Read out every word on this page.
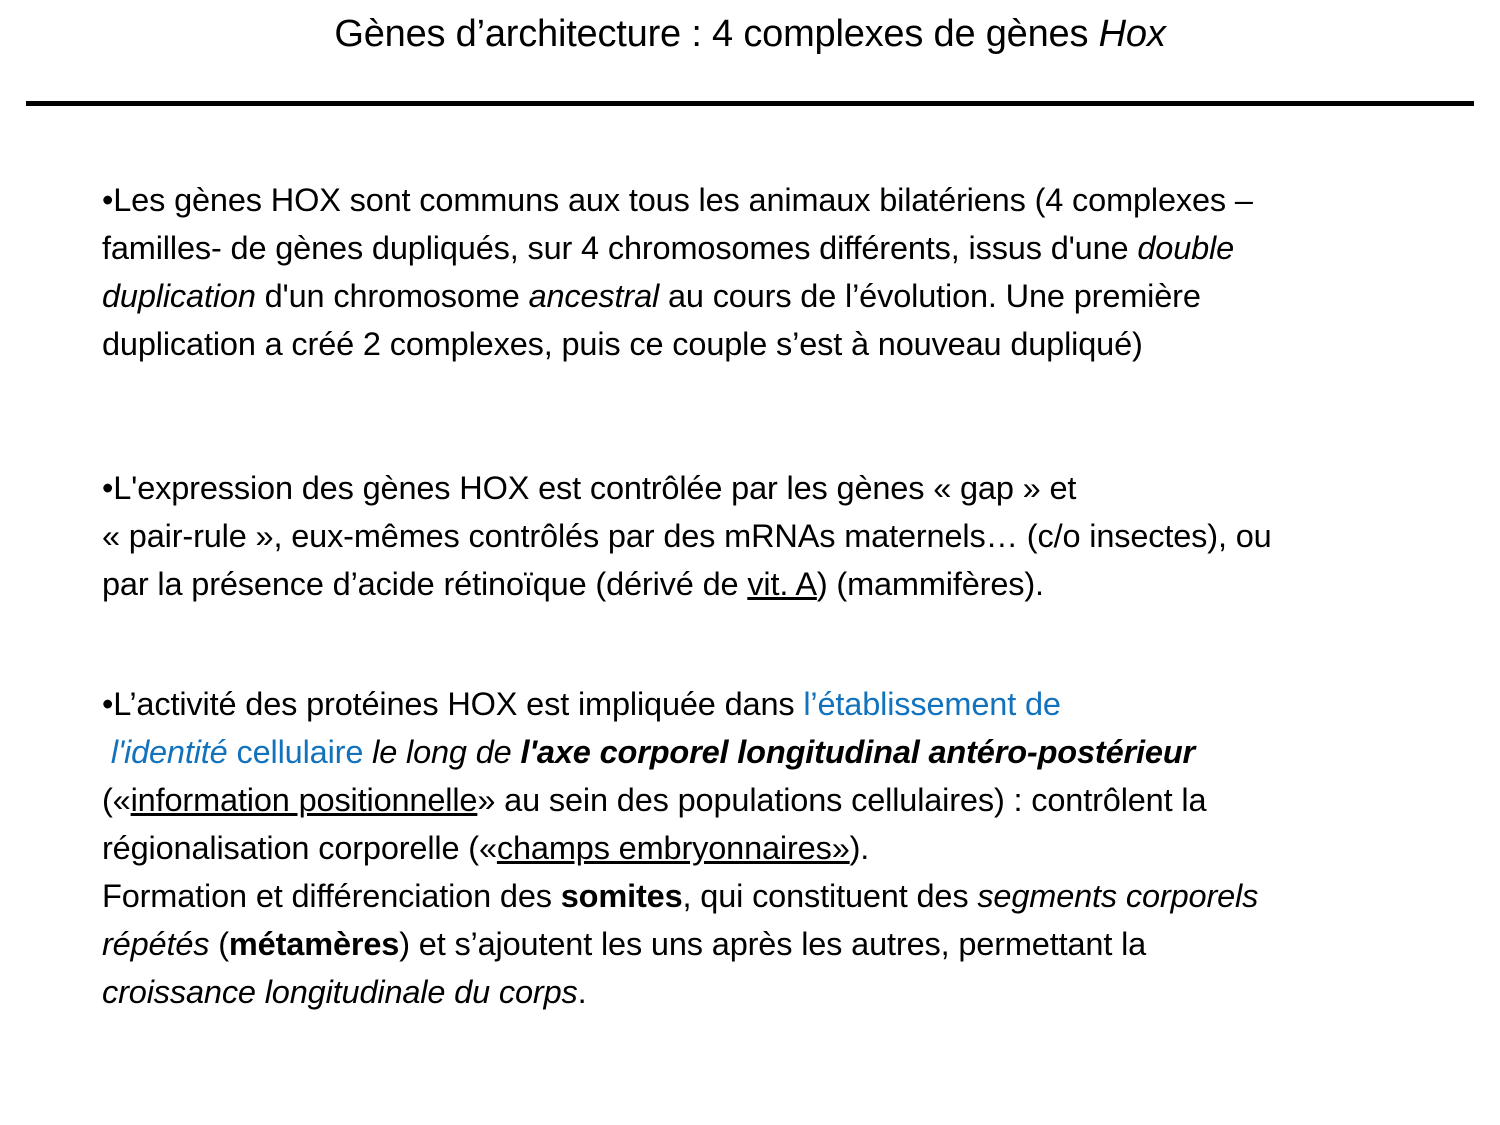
Gènes d’architecture : 4 complexes de gènes Hox
•Les gènes HOX sont communs aux tous les animaux bilatériens (4 complexes –
familles- de gènes dupliqués, sur 4 chromosomes différents, issus d'une double
duplication d'un chromosome ancestral au cours de l’évolution. Une première
duplication a créé 2 complexes, puis ce couple s’est à nouveau dupliqué)
•L'expression des gènes HOX est contrôlée par les gènes « gap » et
« pair-rule », eux-mêmes contrôlés par des mRNAs maternels… (c/o insectes), ou
par la présence d’acide rétinoïque (dérivé de vit. A) (mammifères).
•L’activité des protéines HOX est impliquée dans l’établissement de
l'identité cellulaire le long de l'axe corporel longitudinal antéro-postérieur
(«information positionnelle» au sein des populations cellulaires) : contrôlent la
régionalisation corporelle («champs embryonnaires»).
Formation et différenciation des somites, qui constituent des segments corporels
répétés (métamères) et s’ajoutent les uns après les autres, permettant la
croissance longitudinale du corps.
